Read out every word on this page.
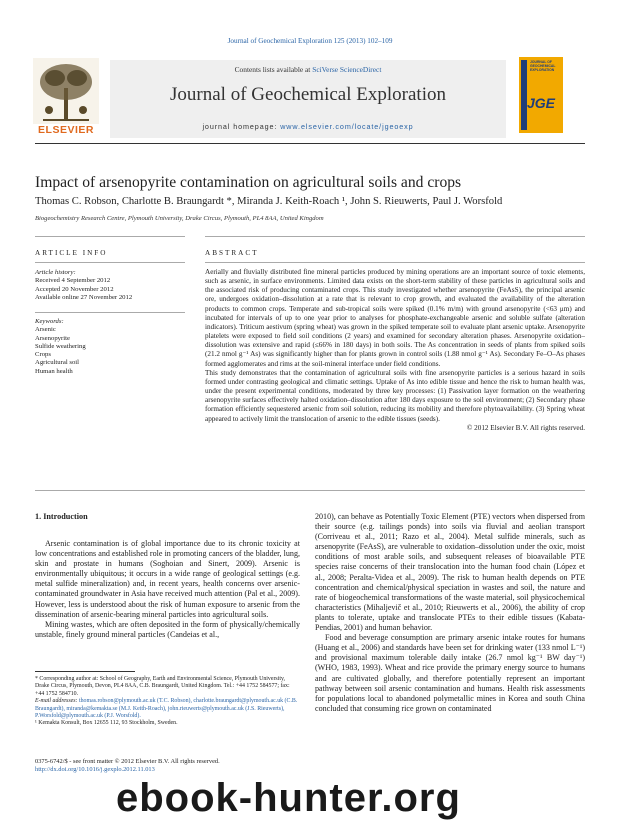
Journal of Geochemical Exploration 125 (2013) 102–109
ELSEVIER
Contents lists available at SciVerse ScienceDirect
Journal of Geochemical Exploration
journal homepage: www.elsevier.com/locate/jgeoexp
JOURNAL OF GEOCHEMICAL EXPLORATION
JGE
Impact of arsenopyrite contamination on agricultural soils and crops
Thomas C. Robson, Charlotte B. Braungardt *, Miranda J. Keith-Roach ¹, John S. Rieuwerts, Paul J. Worsfold
Biogeochemistry Research Centre, Plymouth University, Drake Circus, Plymouth, PL4 8AA, United Kingdom
ARTICLE INFO	ABSTRACT
Article history:
Received 4 September 2012
Accepted 20 November 2012
Available online 27 November 2012
Keywords:
Arsenic
Arsenopyrite
Sulfide weathering
Crops
Agricultural soil
Human health

Aerially and fluvially distributed fine mineral particles produced by mining operations are an important source of toxic elements, such as arsenic, in surface environments. Limited data exists on the short-term stability of these particles in agricultural soils and the associated risk of producing contaminated crops. This study investigated whether arsenopyrite (FeAsS), the principal arsenic ore, undergoes oxidation–dissolution at a rate that is relevant to crop growth, and evaluated the availability of the alteration products to common crops. Temperate and sub-tropical soils were spiked (0.1% m/m) with ground arsenopyrite (<63 μm) and incubated for intervals of up to one year prior to analyses for phosphate-exchangeable arsenic and soluble sulfate (alteration indicators). Triticum aestivum (spring wheat) was grown in the spiked temperate soil to evaluate plant arsenic uptake. Arsenopyrite platelets were exposed to field soil conditions (2 years) and examined for secondary alteration phases. Arsenopyrite oxidation–dissolution was extensive and rapid (≤66% in 180 days) in both soils. The As concentration in seeds of plants from spiked soils (21.2 nmol g⁻¹ As) was significantly higher than for plants grown in control soils (1.88 nmol g⁻¹ As). Secondary Fe–O–As phases formed agglomerates and rims at the soil-mineral interface under field conditions.

This study demonstrates that the contamination of agricultural soils with fine arsenopyrite particles is a serious hazard in soils formed under contrasting geological and climatic settings. Uptake of As into edible tissue and hence the risk to human health was, under the present experimental conditions, moderated by three key processes: (1) Passivation layer formation on the weathering arsenopyrite surfaces effectively halted oxidation–dissolution after 180 days exposure to the soil environment; (2) Secondary phase formation efficiently sequestered arsenic from soil solution, reducing its mobility and therefore phytoavailability. (3) Spring wheat appeared to actively limit the translocation of arsenic to the edible tissues (seeds).

© 2012 Elsevier B.V. All rights reserved.

1. Introduction

Arsenic contamination is of global importance due to its chronic toxicity at low concentrations and established role in promoting cancers of the bladder, lung, skin and prostate in humans (Soghoian and Sinert, 2009). Arsenic is environmentally ubiquitous; it occurs in a wide range of geological settings (e.g. metal sulfide mineralization) and, in recent years, health concerns over arsenic-contaminated groundwater in Asia have received much attention (Pal et al., 2009). However, less is understood about the risk of human exposure to arsenic from the dissemination of arsenic-bearing mineral particles into agricultural soils.

Mining wastes, which are often deposited in the form of physically/chemically unstable, finely ground mineral particles (Candeias et al.,

2010), can behave as Potentially Toxic Element (PTE) vectors when dispersed from their source (e.g. tailings ponds) into soils via fluvial and aeolian transport (Corriveau et al., 2011; Razo et al., 2004). Metal sulfide minerals, such as arsenopyrite (FeAsS), are vulnerable to oxidation–dissolution under the oxic, moist conditions of most arable soils, and subsequent releases of bioavailable PTE species raise concerns of their translocation into the human food chain (López et al., 2008; Peralta-Videa et al., 2009). The risk to human health depends on PTE concentration and chemical/physical speciation in wastes and soil, the nature and rate of biogeochemical transformations of the waste material, soil physicochemical characteristics (Mihaljevič et al., 2010; Rieuwerts et al., 2006), the ability of crop plants to tolerate, uptake and translocate PTEs to their edible tissues (Kabata-Pendias, 2001) and human behavior.

Food and beverage consumption are primary arsenic intake routes for humans (Huang et al., 2006) and standards have been set for drinking water (133 nmol L⁻¹) and provisional maximum tolerable daily intake (26.7 nmol kg⁻¹ BW day⁻¹) (WHO, 1983, 1993). Wheat and rice provide the primary energy source to humans and are cultivated globally, and therefore potentially represent an important pathway between soil arsenic contamination and humans. Health risk assessments for populations local to abandoned polymetallic mines in Korea and south China concluded that consuming rice grown on contaminated

* Corresponding author at: School of Geography, Earth and Environmental Science, Plymouth University, Drake Circus, Plymouth, Devon, PL4 8AA, C.B. Braungardt, United Kingdom. Tel.: +44 1752 584577; fax: +44 1752 584710.

E-mail addresses: thomas.robson@plymouth.ac.uk (T.C. Robson), charlotte.braungardt@plymouth.ac.uk (C.B. Braungardt), miranda@kemakta.se (M.J. Keith-Roach), john.rieuwerts@plymouth.ac.uk (J.S. Rieuwerts), P.Worsfold@plymouth.ac.uk (P.J. Worsfold).

¹ Kemakta Konsult, Box 12655 112, 93 Stockholm, Sweden.

0375-6742/$ - see front matter © 2012 Elsevier B.V. All rights reserved.
http://dx.doi.org/10.1016/j.gexplo.2012.11.013
ebook-hunter.org
